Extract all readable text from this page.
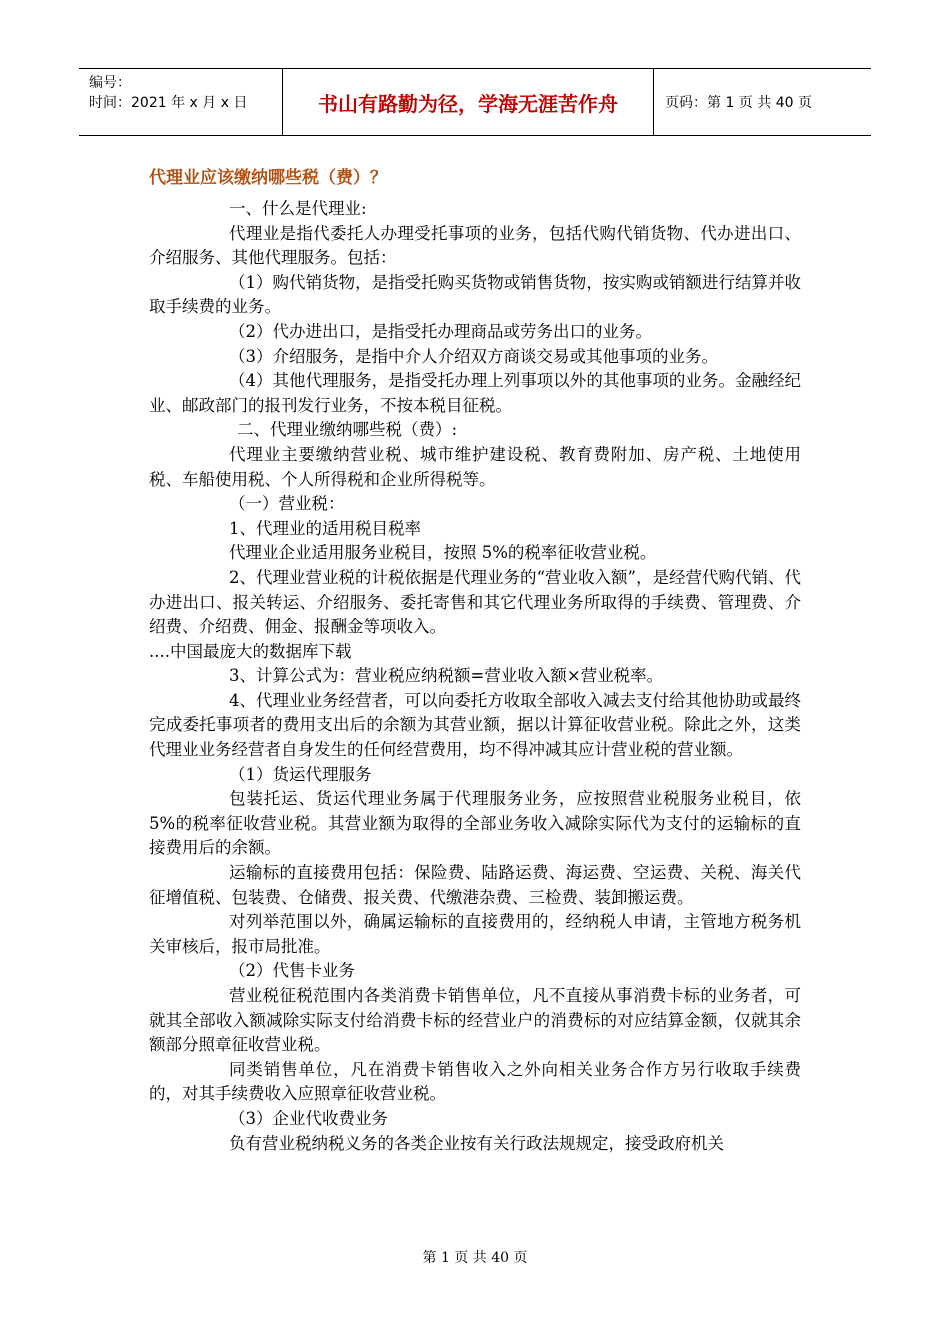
编号：
时间：2021 年 x 月 x 日	书山有路勤为径，学海无涯苦作舟	页码：第 1 页 共 40 页
代理业应该缴纳哪些税（费）？

一、什么是代理业:

代理业是指代委托人办理受托事项的业务，包括代购代销货物、代办进出口、介绍服务、其他代理服务。包括：

（1）购代销货物，是指受托购买货物或销售货物，按实购或销额进行结算并收取手续费的业务。

（2）代办进出口，是指受托办理商品或劳务出口的业务。

（3）介绍服务，是指中介人介绍双方商谈交易或其他事项的业务。

（4）其他代理服务，是指受托办理上列事项以外的其他事项的业务。金融经纪业、邮政部门的报刊发行业务，不按本税目征税。

二、代理业缴纳哪些税（费）:

代理业主要缴纳营业税、城市维护建设税、教育费附加、房产税、土地使用税、车船使用税、个人所得税和企业所得税等。

（一）营业税：

1、代理业的适用税目税率

代理业企业适用服务业税目，按照 5%的税率征收营业税。

2、代理业营业税的计税依据是代理业务的“营业收入额”，是经营代购代销、代办进出口、报关转运、介绍服务、委托寄售和其它代理业务所取得的手续费、管理费、介绍费、介绍费、佣金、报酬金等项收入。

....中国最庞大的数据库下载

3、计算公式为：营业税应纳税额=营业收入额×营业税率。

4、代理业业务经营者，可以向委托方收取全部收入减去支付给其他协助或最终完成委托事项者的费用支出后的余额为其营业额，据以计算征收营业税。除此之外，这类代理业业务经营者自身发生的任何经营费用，均不得冲减其应计营业税的营业额。

（1）货运代理服务

包装托运、货运代理业务属于代理服务业务，应按照营业税服务业税目，依 5%的税率征收营业税。其营业额为取得的全部业务收入减除实际代为支付的运输标的直接费用后的余额。

运输标的直接费用包括：保险费、陆路运费、海运费、空运费、关税、海关代征增值税、包装费、仓储费、报关费、代缴港杂费、三检费、装卸搬运费。

对列举范围以外，确属运输标的直接费用的，经纳税人申请，主管地方税务机关审核后，报市局批准。

（2）代售卡业务

营业税征税范围内各类消费卡销售单位，凡不直接从事消费卡标的业务者，可就其全部收入额减除实际支付给消费卡标的经营业户的消费标的对应结算金额，仅就其余额部分照章征收营业税。

同类销售单位，凡在消费卡销售收入之外向相关业务合作方另行收取手续费的，对其手续费收入应照章征收营业税。

（3）企业代收费业务

负有营业税纳税义务的各类企业按有关行政法规规定，接受政府机关

第 1 页 共 40 页
